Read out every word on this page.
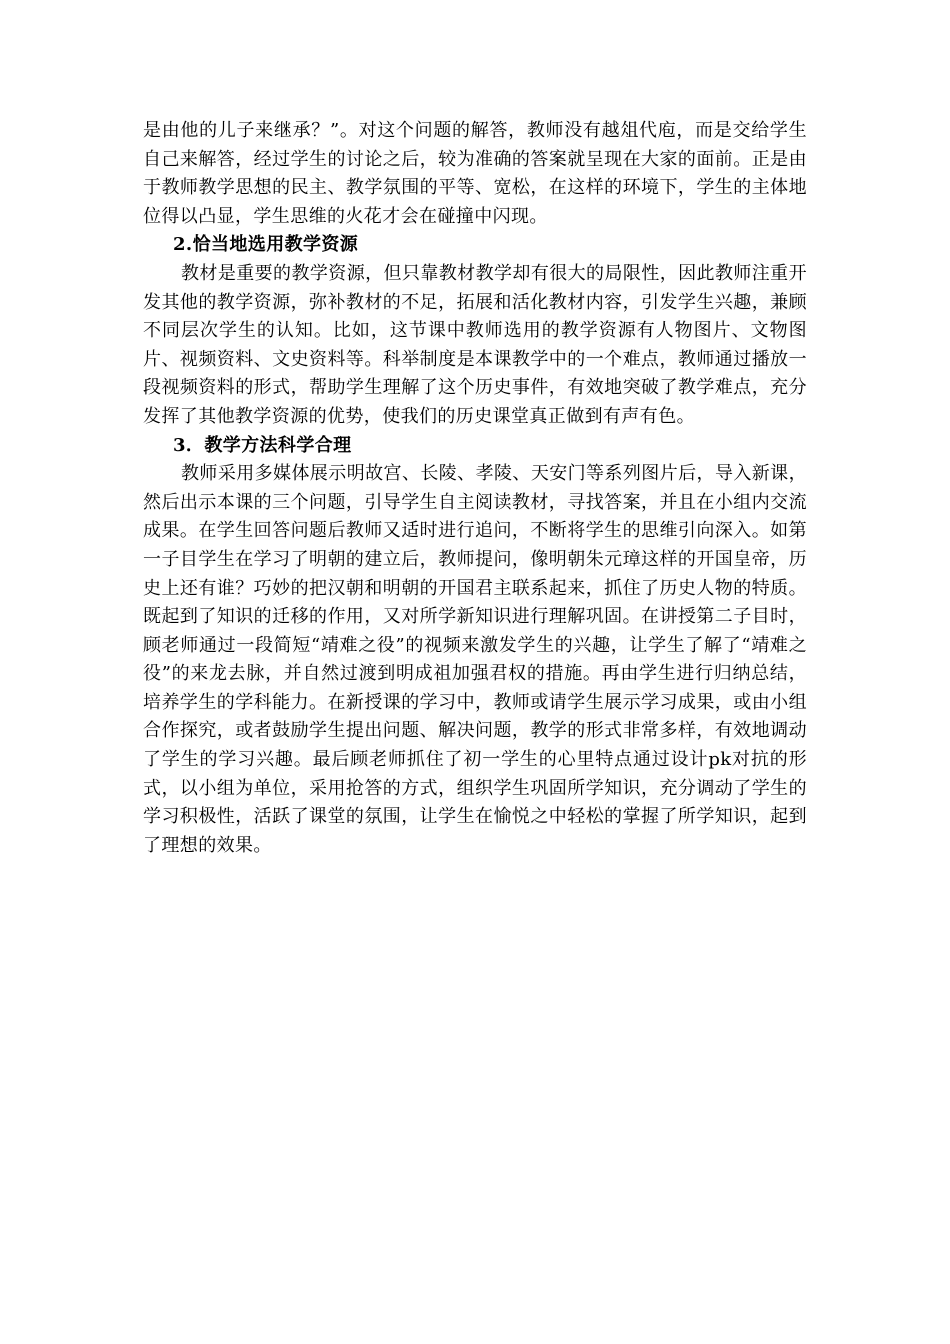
是由他的儿子来继承？”。对这个问题的解答，教师没有越俎代庖，而是交给学生自己来解答，经过学生的讨论之后，较为准确的答案就呈现在大家的面前。正是由于教师教学思想的民主、教学氛围的平等、宽松，在这样的环境下，学生的主体地位得以凸显，学生思维的火花才会在碰撞中闪现。

2.恰当地选用教学资源

教材是重要的教学资源，但只靠教材教学却有很大的局限性，因此教师注重开发其他的教学资源，弥补教材的不足，拓展和活化教材内容，引发学生兴趣，兼顾不同层次学生的认知。比如，这节课中教师选用的教学资源有人物图片、文物图片、视频资料、文史资料等。科举制度是本课教学中的一个难点，教师通过播放一段视频资料的形式，帮助学生理解了这个历史事件，有效地突破了教学难点，充分发挥了其他教学资源的优势，使我们的历史课堂真正做到有声有色。

3．教学方法科学合理

教师采用多媒体展示明故宫、长陵、孝陵、天安门等系列图片后，导入新课，然后出示本课的三个问题，引导学生自主阅读教材，寻找答案，并且在小组内交流成果。在学生回答问题后教师又适时进行追问，不断将学生的思维引向深入。如第一子目学生在学习了明朝的建立后，教师提问，像明朝朱元璋这样的开国皇帝，历史上还有谁？巧妙的把汉朝和明朝的开国君主联系起来，抓住了历史人物的特质。既起到了知识的迁移的作用，又对所学新知识进行理解巩固。在讲授第二子目时，顾老师通过一段简短“靖难之役”的视频来激发学生的兴趣，让学生了解了“靖难之役”的来龙去脉，并自然过渡到明成祖加强君权的措施。再由学生进行归纳总结，培养学生的学科能力。在新授课的学习中，教师或请学生展示学习成果，或由小组合作探究，或者鼓励学生提出问题、解决问题，教学的形式非常多样，有效地调动了学生的学习兴趣。最后顾老师抓住了初一学生的心里特点通过设计pk对抗的形式，以小组为单位，采用抢答的方式，组织学生巩固所学知识，充分调动了学生的学习积极性，活跃了课堂的氛围，让学生在愉悦之中轻松的掌握了所学知识，起到了理想的效果。
